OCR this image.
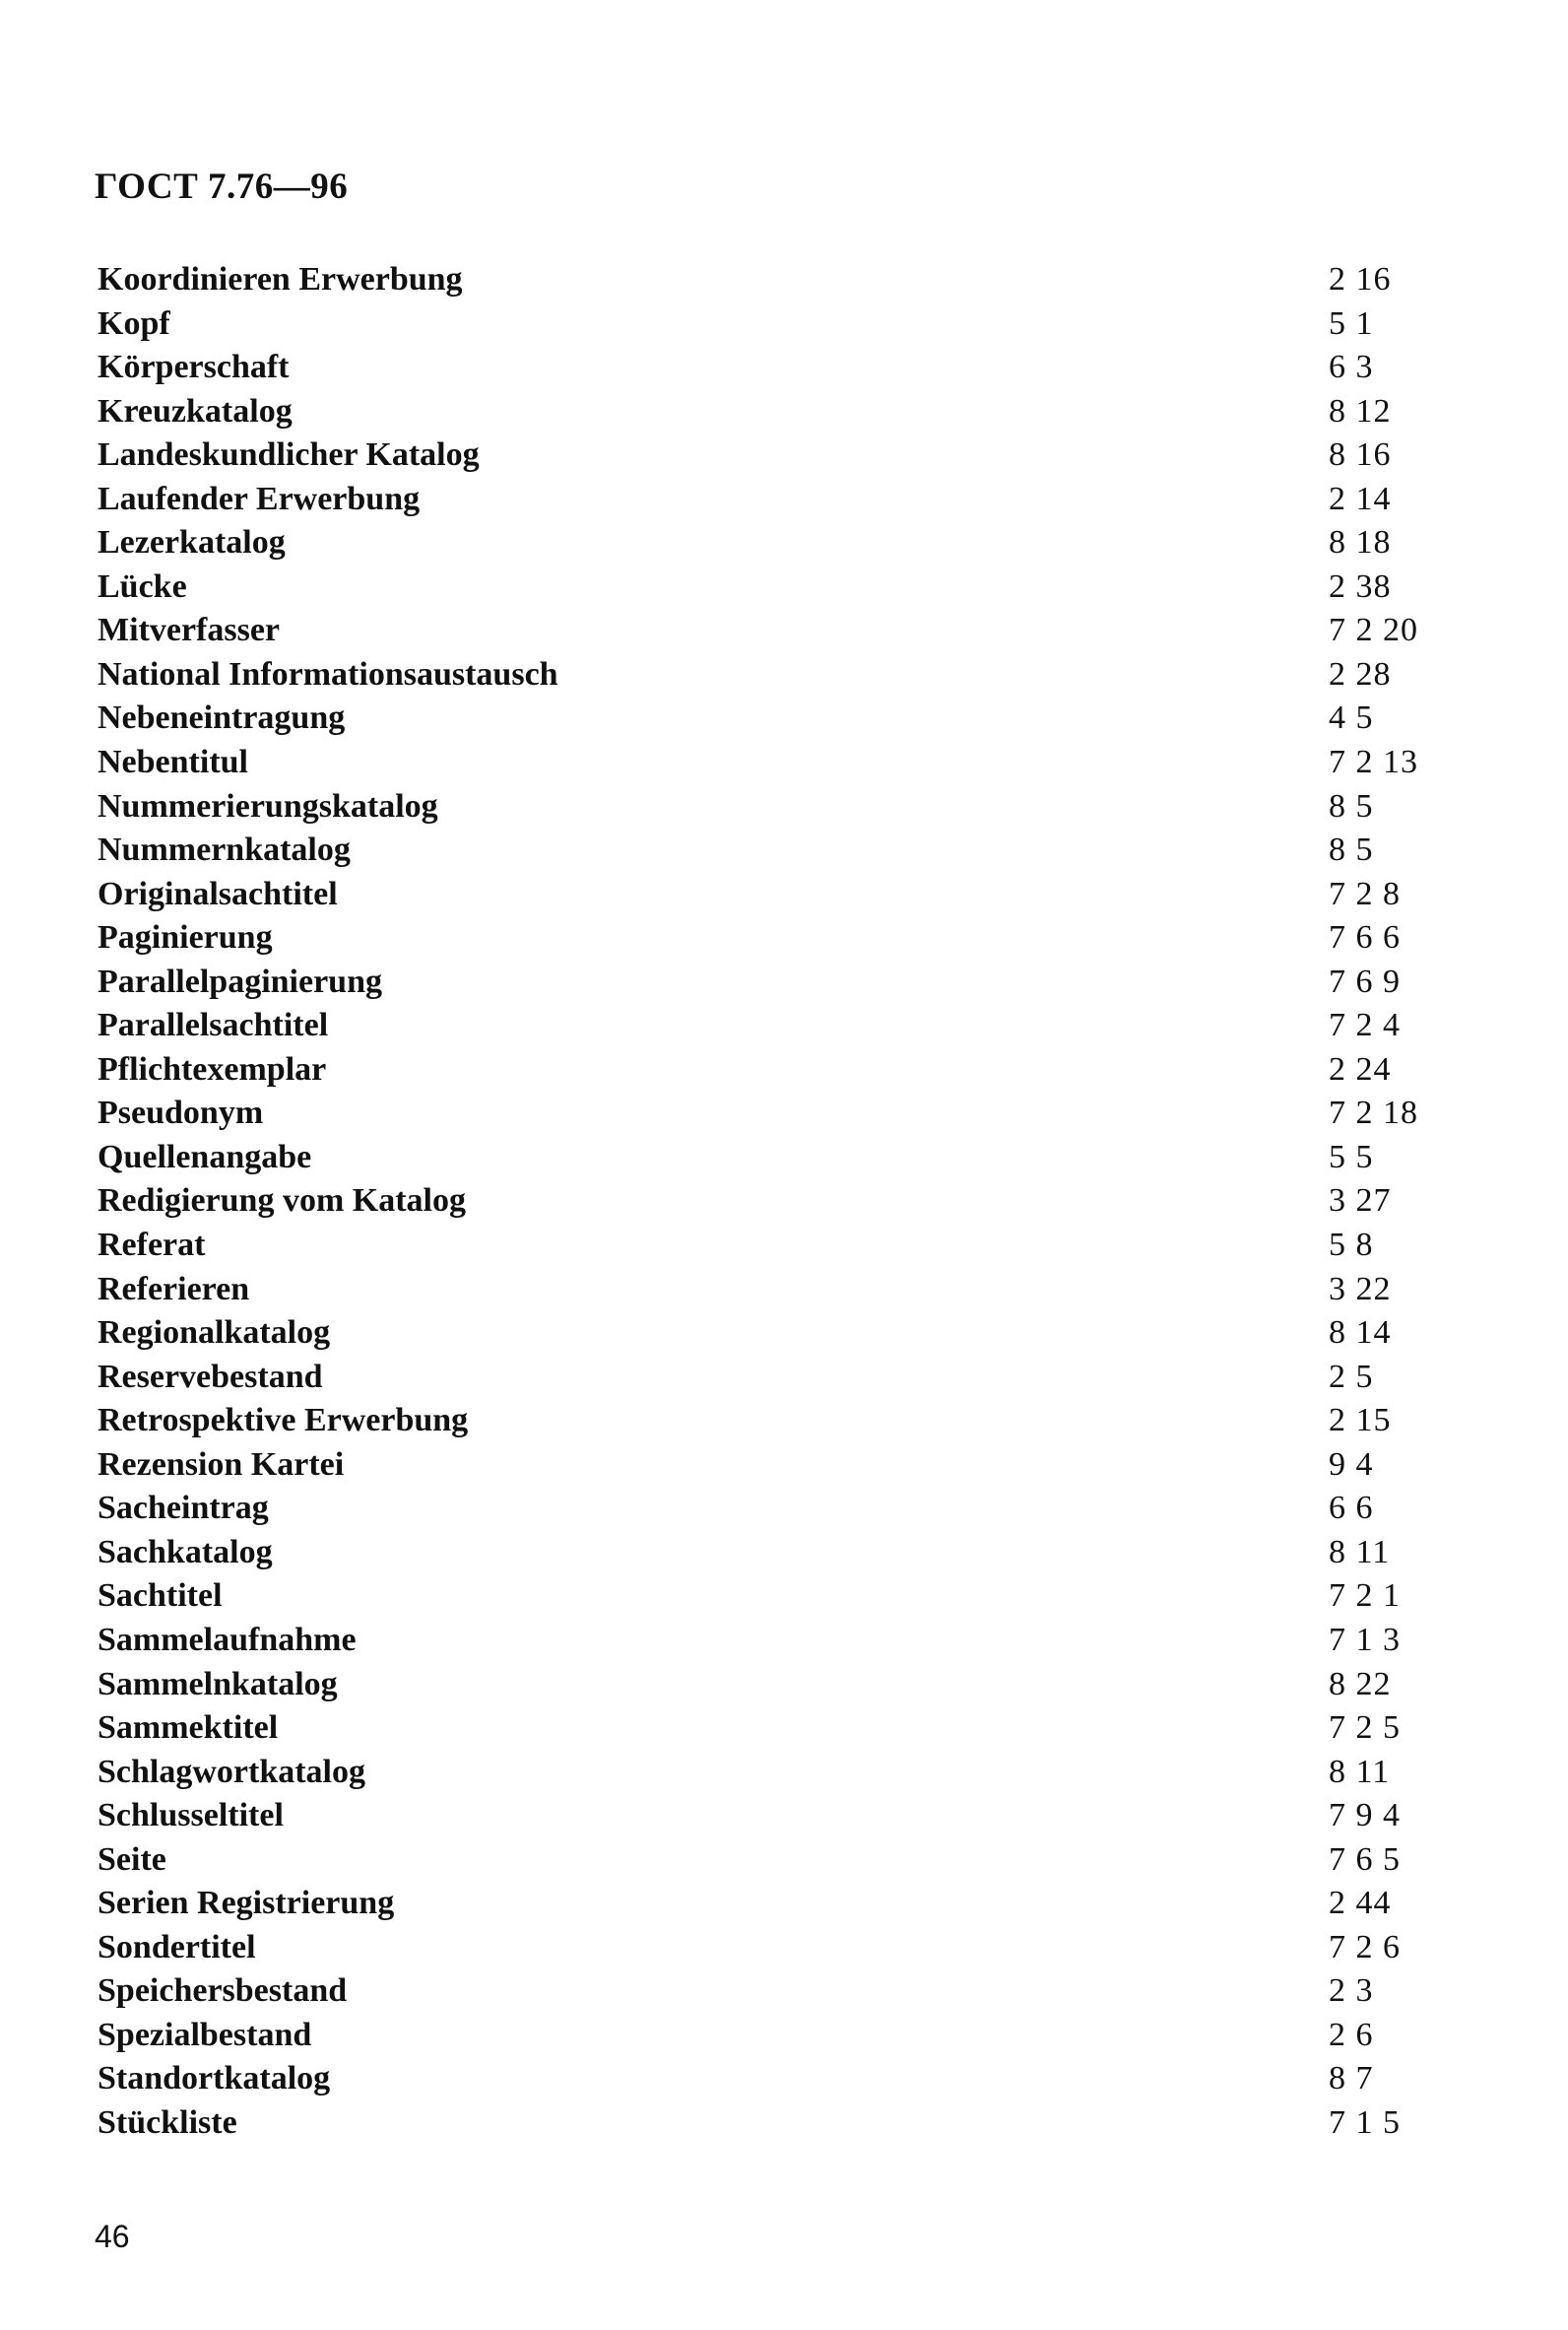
ГОСТ 7.76—96
Koordinieren Erwerbung	2 16
Kopf	5 1
Körperschaft	6 3
Kreuzkatalog	8 12
Landeskundlicher Katalog	8 16
Laufender Erwerbung	2 14
Lezerkatalog	8 18
Lücke	2 38
Mitverfasser	7 2 20
National Informationsaustausch	2 28
Nebeneintragung	4 5
Nebentitul	7 2 13
Nummerierungskatalog	8 5
Nummernkatalog	8 5
Originalsachtitel	7 2 8
Paginierung	7 6 6
Parallelpaginierung	7 6 9
Parallelsachtitel	7 2 4
Pflichtexemplar	2 24
Pseudonym	7 2 18
Quellenangabe	5 5
Redigierung vom Katalog	3 27
Referat	5 8
Referieren	3 22
Regionalkatalog	8 14
Reservebestand	2 5
Retrospektive Erwerbung	2 15
Rezension Kartei	9 4
Sacheintrag	6 6
Sachkatalog	8 11
Sachtitel	7 2 1
Sammelaufnahme	7 1 3
Sammelnkatalog	8 22
Sammektitel	7 2 5
Schlagwortkatalog	8 11
Schlusseltitel	7 9 4
Seite	7 6 5
Serien Registrierung	2 44
Sondertitel	7 2 6
Speichersbestand	2 3
Spezialbestand	2 6
Standortkatalog	8 7
Stückliste	7 1 5
46
